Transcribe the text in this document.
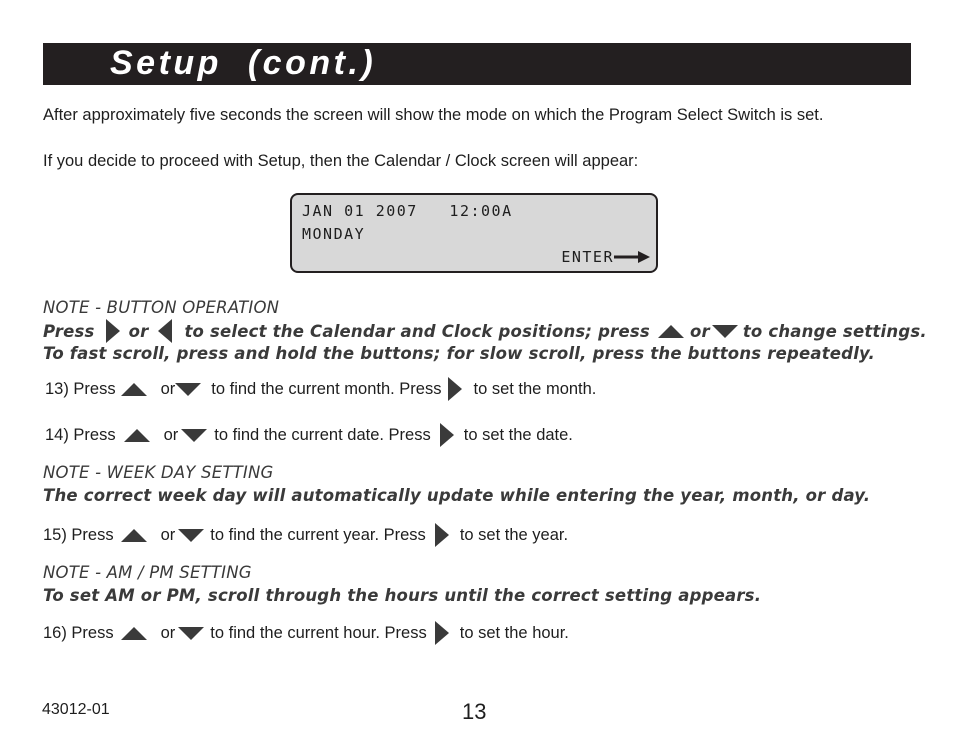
Setup  (cont.)
After approximately five seconds the screen will show the mode on which the Program Select Switch is set.
If you decide to proceed with Setup, then the Calendar / Clock screen will appear:
JAN 01 2007   12:00A
MONDAY
ENTER
NOTE - BUTTON OPERATION
Press or to select the Calendar and Clock positions; press or to change settings.
To fast scroll, press and hold the buttons; for slow scroll, press the buttons repeatedly.
13) Press	or to find the current month. Press to set the month.
14) Press	or to find the current date. Press to set the date.
NOTE - WEEK DAY SETTING
The correct week day will automatically update while entering the year, month, or day.
15) Press	or to find the current year. Press to set the year.
NOTE - AM / PM SETTING
To set AM or PM, scroll through the hours until the correct setting appears.
16) Press	or to find the current hour. Press to set the hour.
43012-01	13
